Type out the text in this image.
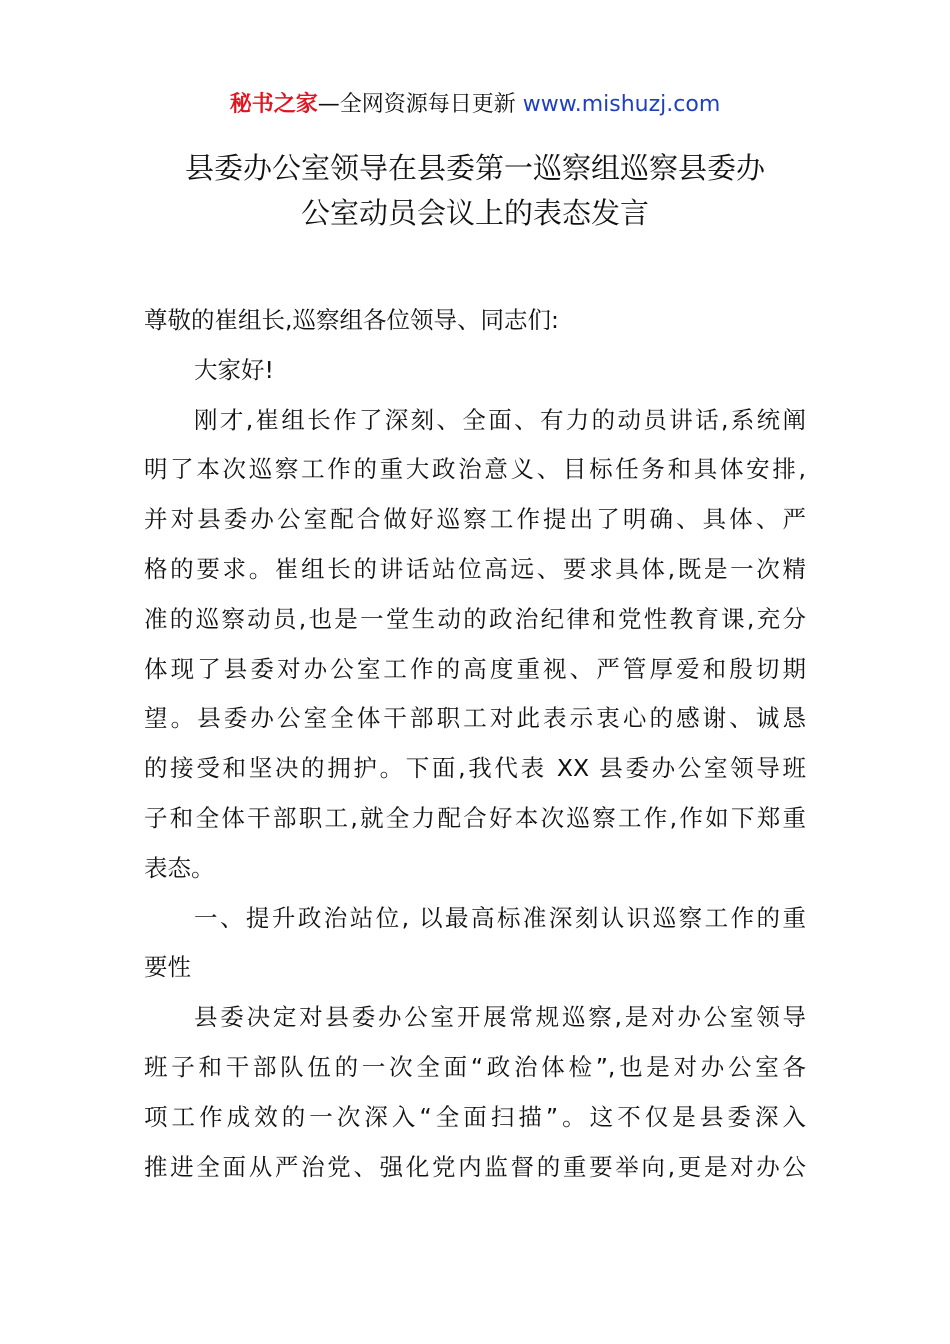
秘书之家—全网资源每日更新 www.mishuzj.com
县委办公室领导在县委第一巡察组巡察县委办
公室动员会议上的表态发言
尊敬的崔组长,巡察组各位领导、同志们:
大家好!
刚才,崔组长作了深刻、全面、有力的动员讲话,系统阐
明了本次巡察工作的重大政治意义、目标任务和具体安排,
并对县委办公室配合做好巡察工作提出了明确、具体、严
格的要求。崔组长的讲话站位高远、要求具体,既是一次精
准的巡察动员,也是一堂生动的政治纪律和党性教育课,充分
体现了县委对办公室工作的高度重视、严管厚爱和殷切期
望。县委办公室全体干部职工对此表示衷心的感谢、诚恳
的接受和坚决的拥护。下面,我代表 XX 县委办公室领导班
子和全体干部职工,就全力配合好本次巡察工作,作如下郑重
表态。
一、提升政治站位, 以最高标准深刻认识巡察工作的重
要性
县委决定对县委办公室开展常规巡察,是对办公室领导
班子和干部队伍的一次全面“政治体检”,也是对办公室各
项工作成效的一次深入“全面扫描”。这不仅是县委深入
推进全面从严治党、强化党内监督的重要举向,更是对办公
